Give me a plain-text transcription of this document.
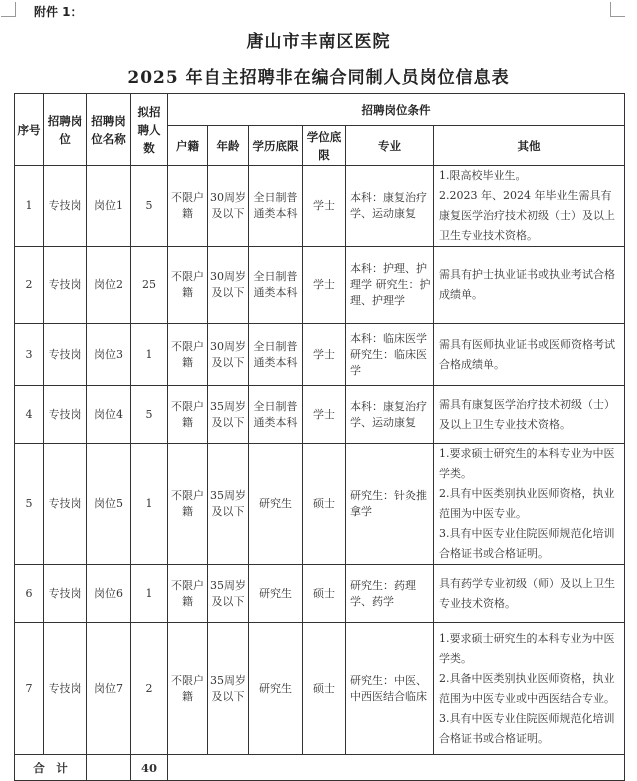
附件 1：
唐山市丰南区医院
2025 年自主招聘非在编合同制人员岗位信息表
序号	招聘岗位	招聘岗位名称	拟招聘人数	招聘岗位条件					
				户籍	年龄	学历底限	学位底限	专业	其他
1	专技岗	岗位1	5	不限户籍	30周岁及以下	全日制普通类本科	学士	本科：康复治疗学、运动康复	1.限高校毕业生。
2.2023 年、2024 年毕业生需具有康复医学治疗技术初级（士）及以上卫生专业技术资格。

2	专技岗	岗位2	25	不限户籍	30周岁及以下	全日制普通类本科	学士	本科：护理、护理学 研究生：护理、护理学	需具有护士执业证书或执业考试合格成绩单。

3	专技岗	岗位3	1	不限户籍	30周岁及以下	全日制普通类本科	学士	本科：临床医学 研究生：临床医学	需具有医师执业证书或医师资格考试合格成绩单。

4	专技岗	岗位4	5	不限户籍	35周岁及以下	全日制普通类本科	学士	本科：康复治疗学、运动康复	需具有康复医学治疗技术初级（士）及以上卫生专业技术资格。

5	专技岗	岗位5	1	不限户籍	35周岁及以下	研究生	硕士	研究生：针灸推拿学	1.要求硕士研究生的本科专业为中医学类。
2.具有中医类别执业医师资格，执业范围为中医专业。
3.具有中医专业住院医师规范化培训合格证书或合格证明。

6	专技岗	岗位6	1	不限户籍	35周岁及以下	研究生	硕士	研究生：药理学、药学	具有药学专业初级（师）及以上卫生专业技术资格。

7	专技岗	岗位7	2	不限户籍	35周岁及以下	研究生	硕士	研究生：中医、中西医结合临床	1.要求硕士研究生的本科专业为中医学类。
2.具备中医类别执业医师资格，执业范围为中医专业或中西医结合专业。
3.具有中医专业住院医师规范化培训合格证书或合格证明。

合　计			40						
